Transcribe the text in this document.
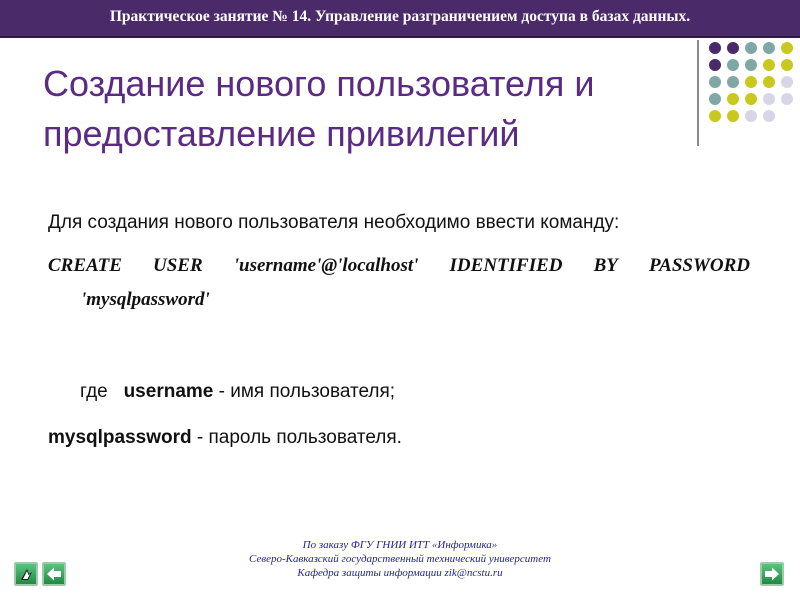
Практическое занятие № 14. Управление разграничением доступа в базах данных.
Создание нового пользователя и
предоставление привилегий
Для создания нового пользователя необходимо ввести команду:
CREATE USER 'username'@'localhost' IDENTIFIED BY PASSWORD
'mysqlpassword'
где username - имя пользователя;
mysqlpassword - пароль пользователя.
По заказу ФГУ ГНИИ ИТТ «Информика»
Северо-Кавказский государственный технический университет
Кафедра защиты информации zik@ncstu.ru
